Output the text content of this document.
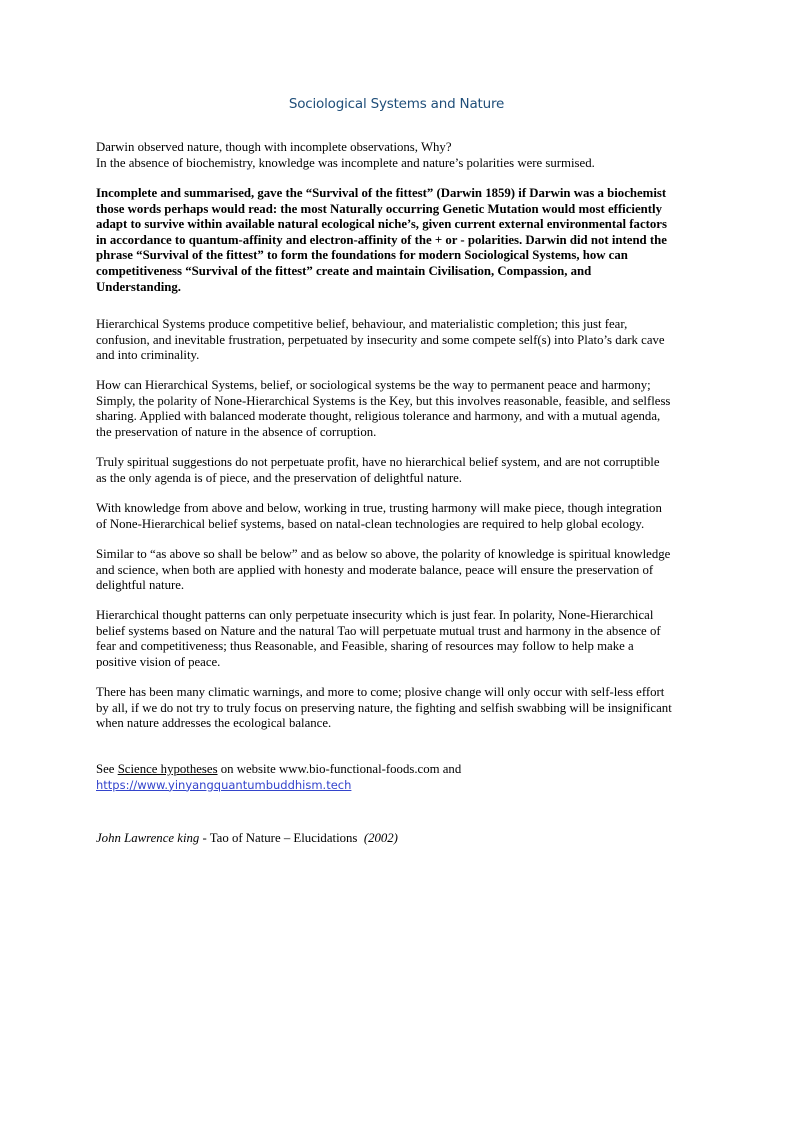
Sociological Systems and Nature
Darwin observed nature, though with incomplete observations, Why?
In the absence of biochemistry, knowledge was incomplete and nature’s polarities were surmised.
Incomplete and summarised, gave the “Survival of the fittest” (Darwin 1859) if Darwin was a biochemist
those words perhaps would read: the most Naturally occurring Genetic Mutation would most efficiently
adapt to survive within available natural ecological niche’s, given current external environmental factors
in accordance to quantum-affinity and electron-affinity of the + or - polarities. Darwin did not intend the
phrase “Survival of the fittest” to form the foundations for modern Sociological Systems, how can
competitiveness “Survival of the fittest” create and maintain Civilisation, Compassion, and
Understanding.
Hierarchical Systems produce competitive belief, behaviour, and materialistic completion; this just fear,
confusion, and inevitable frustration, perpetuated by insecurity and some compete self(s) into Plato’s dark cave
and into criminality.
How can Hierarchical Systems, belief, or sociological systems be the way to permanent peace and harmony;
Simply, the polarity of None-Hierarchical Systems is the Key, but this involves reasonable, feasible, and selfless
sharing. Applied with balanced moderate thought, religious tolerance and harmony, and with a mutual agenda,
the preservation of nature in the absence of corruption.
Truly spiritual suggestions do not perpetuate profit, have no hierarchical belief system, and are not corruptible
as the only agenda is of piece, and the preservation of delightful nature.
With knowledge from above and below, working in true, trusting harmony will make piece, though integration
of None-Hierarchical belief systems, based on natal-clean technologies are required to help global ecology.
Similar to “as above so shall be below” and as below so above, the polarity of knowledge is spiritual knowledge
and science, when both are applied with honesty and moderate balance, peace will ensure the preservation of
delightful nature.
Hierarchical thought patterns can only perpetuate insecurity which is just fear. In polarity, None-Hierarchical
belief systems based on Nature and the natural Tao will perpetuate mutual trust and harmony in the absence of
fear and competitiveness; thus Reasonable, and Feasible, sharing of resources may follow to help make a
positive vision of peace.
There has been many climatic warnings, and more to come; plosive change will only occur with self-less effort
by all, if we do not try to truly focus on preserving nature, the fighting and selfish swabbing will be insignificant
when nature addresses the ecological balance.
See Science hypotheses on website www.bio-functional-foods.com and
https://www.yinyangquantumbuddhism.tech
John Lawrence king - Tao of Nature – Elucidations (2002)
